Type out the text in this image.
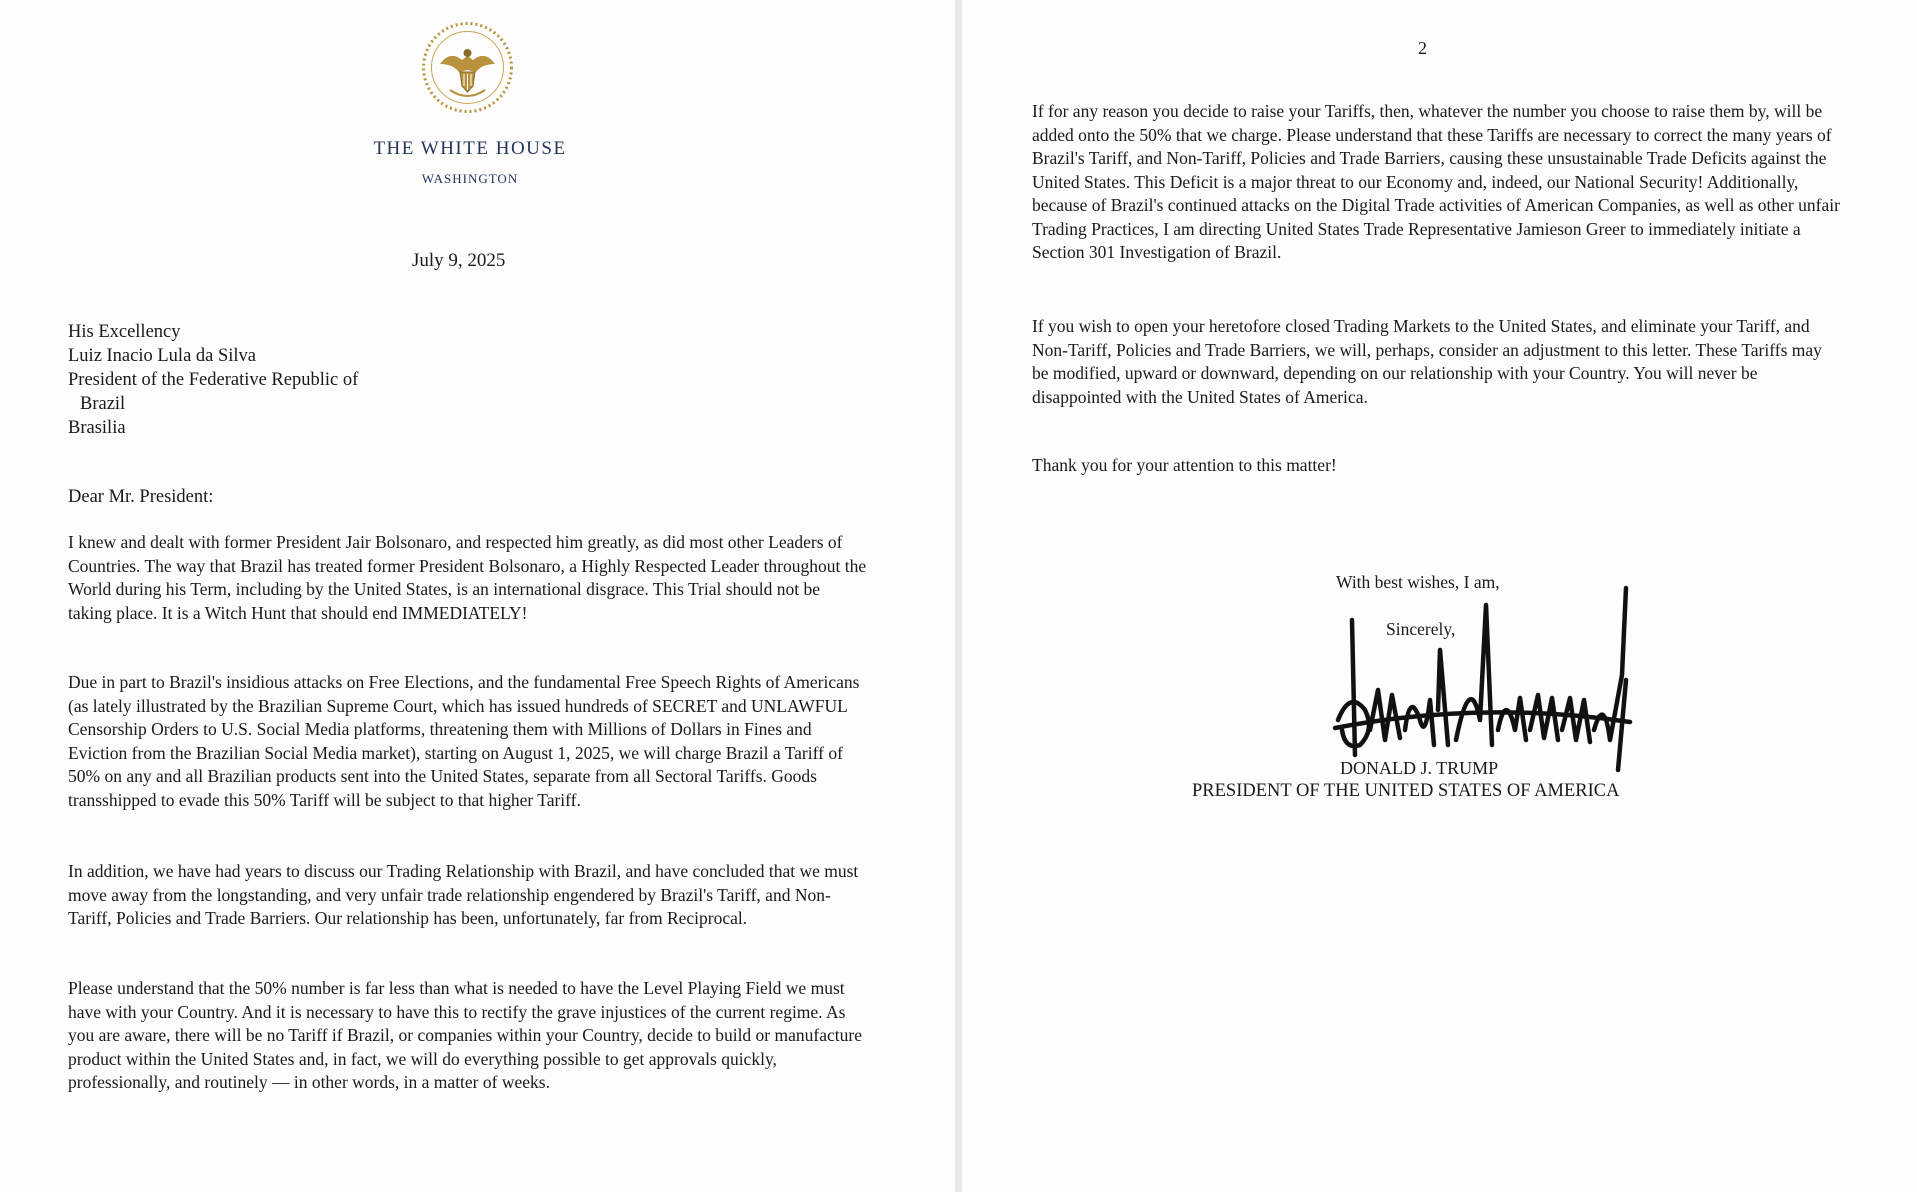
THE WHITE HOUSE
WASHINGTON
July 9, 2025
His Excellency
Luiz Inacio Lula da Silva
President of the Federative Republic of
Brazil
Brasilia
Dear Mr. President:

I knew and dealt with former President Jair Bolsonaro, and respected him greatly, as did most other Leaders of Countries. The way that Brazil has treated former President Bolsonaro, a Highly Respected Leader throughout the World during his Term, including by the United States, is an international disgrace. This Trial should not be taking place. It is a Witch Hunt that should end IMMEDIATELY!

Due in part to Brazil's insidious attacks on Free Elections, and the fundamental Free Speech Rights of Americans (as lately illustrated by the Brazilian Supreme Court, which has issued hundreds of SECRET and UNLAWFUL Censorship Orders to U.S. Social Media platforms, threatening them with Millions of Dollars in Fines and Eviction from the Brazilian Social Media market), starting on August 1, 2025, we will charge Brazil a Tariff of 50% on any and all Brazilian products sent into the United States, separate from all Sectoral Tariffs. Goods transshipped to evade this 50% Tariff will be subject to that higher Tariff.

In addition, we have had years to discuss our Trading Relationship with Brazil, and have concluded that we must move away from the longstanding, and very unfair trade relationship engendered by Brazil's Tariff, and Non-Tariff, Policies and Trade Barriers. Our relationship has been, unfortunately, far from Reciprocal.

Please understand that the 50% number is far less than what is needed to have the Level Playing Field we must have with your Country. And it is necessary to have this to rectify the grave injustices of the current regime. As you are aware, there will be no Tariff if Brazil, or companies within your Country, decide to build or manufacture product within the United States and, in fact, we will do everything possible to get approvals quickly, professionally, and routinely — in other words, in a matter of weeks.

2

If for any reason you decide to raise your Tariffs, then, whatever the number you choose to raise them by, will be added onto the 50% that we charge. Please understand that these Tariffs are necessary to correct the many years of Brazil's Tariff, and Non-Tariff, Policies and Trade Barriers, causing these unsustainable Trade Deficits against the United States. This Deficit is a major threat to our Economy and, indeed, our National Security! Additionally, because of Brazil's continued attacks on the Digital Trade activities of American Companies, as well as other unfair Trading Practices, I am directing United States Trade Representative Jamieson Greer to immediately initiate a Section 301 Investigation of Brazil.

If you wish to open your heretofore closed Trading Markets to the United States, and eliminate your Tariff, and Non-Tariff, Policies and Trade Barriers, we will, perhaps, consider an adjustment to this letter. These Tariffs may be modified, upward or downward, depending on our relationship with your Country. You will never be disappointed with the United States of America.

Thank you for your attention to this matter!

With best wishes, I am,
Sincerely,
DONALD J. TRUMP
PRESIDENT OF THE UNITED STATES OF AMERICA
